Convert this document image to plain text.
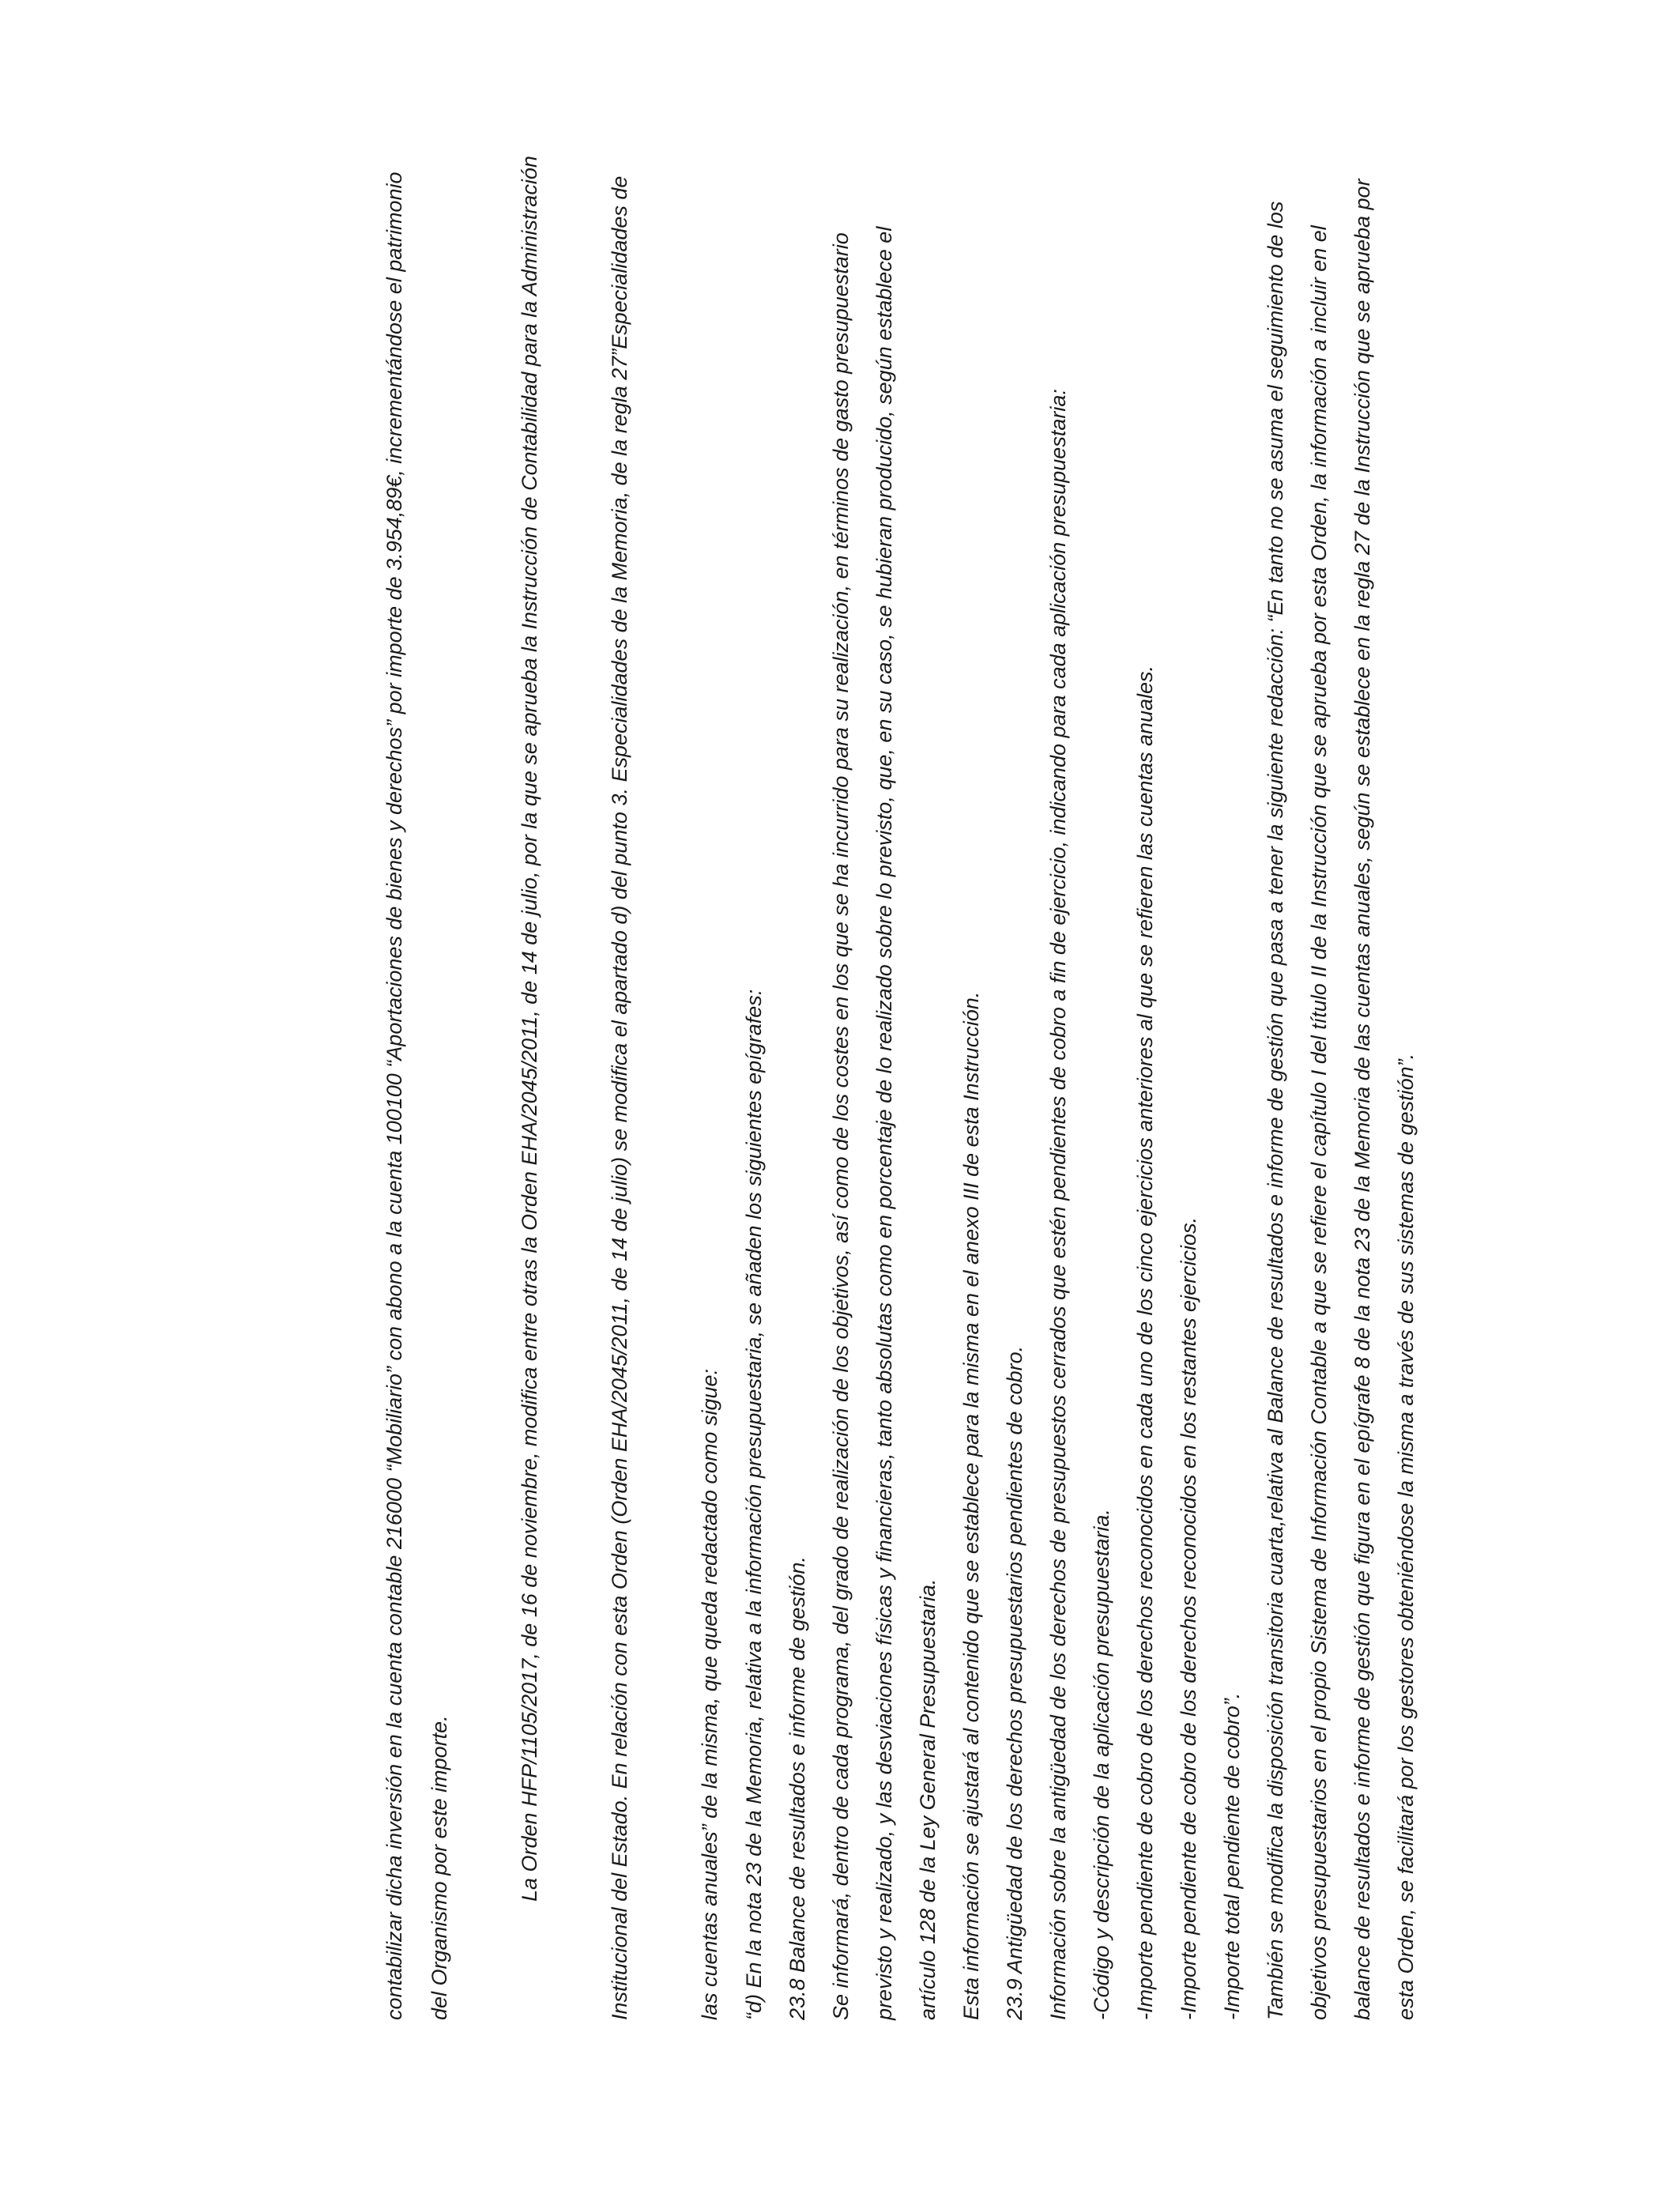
contabilizar dicha inversión en la cuenta contable 216000 “Mobiliario” con abono a la cuenta 100100 “Aportaciones de bienes y derechos” por importe de 3.954,89€, incrementándose el patrimonio	del Organismo por este importe.	La Orden HFP/1105/2017, de 16 de noviembre, modifica entre otras la Orden EHA/2045/2011, de 14 de julio, por la que se aprueba la Instrucción de Contabilidad para la Administración	Institucional del Estado. En relación con esta Orden (Orden EHA/2045/2011, de 14 de julio) se modifica el apartado d) del punto 3. Especialidades de la Memoria, de la regla 27”Especialidades de	las cuentas anuales” de la misma, que queda redactado como sigue: “d) En la nota 23 de la Memoria, relativa a la información presupuestaria, se añaden los siguientes epígrafes: 23.8 Balance de resultados e informe de gestión. Se informará, dentro de cada programa, del grado de realización de los objetivos, así como de los costes en los que se ha incurrido para su realización, en términos de gasto presupuestario previsto y realizado, y las desviaciones físicas y financieras, tanto absolutas como en porcentaje de lo realizado sobre lo previsto, que, en su caso, se hubieran producido, según establece el artículo 128 de la Ley General Presupuestaria. Esta información se ajustará al contenido que se establece para la misma en el anexo III de esta Instrucción. 23.9 Antigüedad de los derechos presupuestarios pendientes de cobro. Información sobre la antigüedad de los derechos de presupuestos cerrados que estén pendientes de cobro a fin de ejercicio, indicando para cada aplicación presupuestaria: -Código y descripción de la aplicación presupuestaria. -Importe pendiente de cobro de los derechos reconocidos en cada uno de los cinco ejercicios anteriores al que se refieren las cuentas anuales. -Importe pendiente de cobro de los derechos reconocidos en los restantes ejercicios. -Importe total pendiente de cobro”. También se modifica la disposición transitoria cuarta,relativa al Balance de resultados e informe de gestión que pasa a tener la siguiente redacción: “En tanto no se asuma el seguimiento de los objetivos presupuestarios en el propio Sistema de Información Contable a que se refiere el capítulo I del título II de la Instrucción que se aprueba por esta Orden, la información a incluir en el balance de resultados e informe de gestión que figura en el epígrafe 8 de la nota 23 de la Memoria de las cuentas anuales, según se establece en la regla 27 de la Instrucción que se aprueba por esta Orden, se facilitará por los gestores obteniéndose la misma a través de sus sistemas de gestión”.
